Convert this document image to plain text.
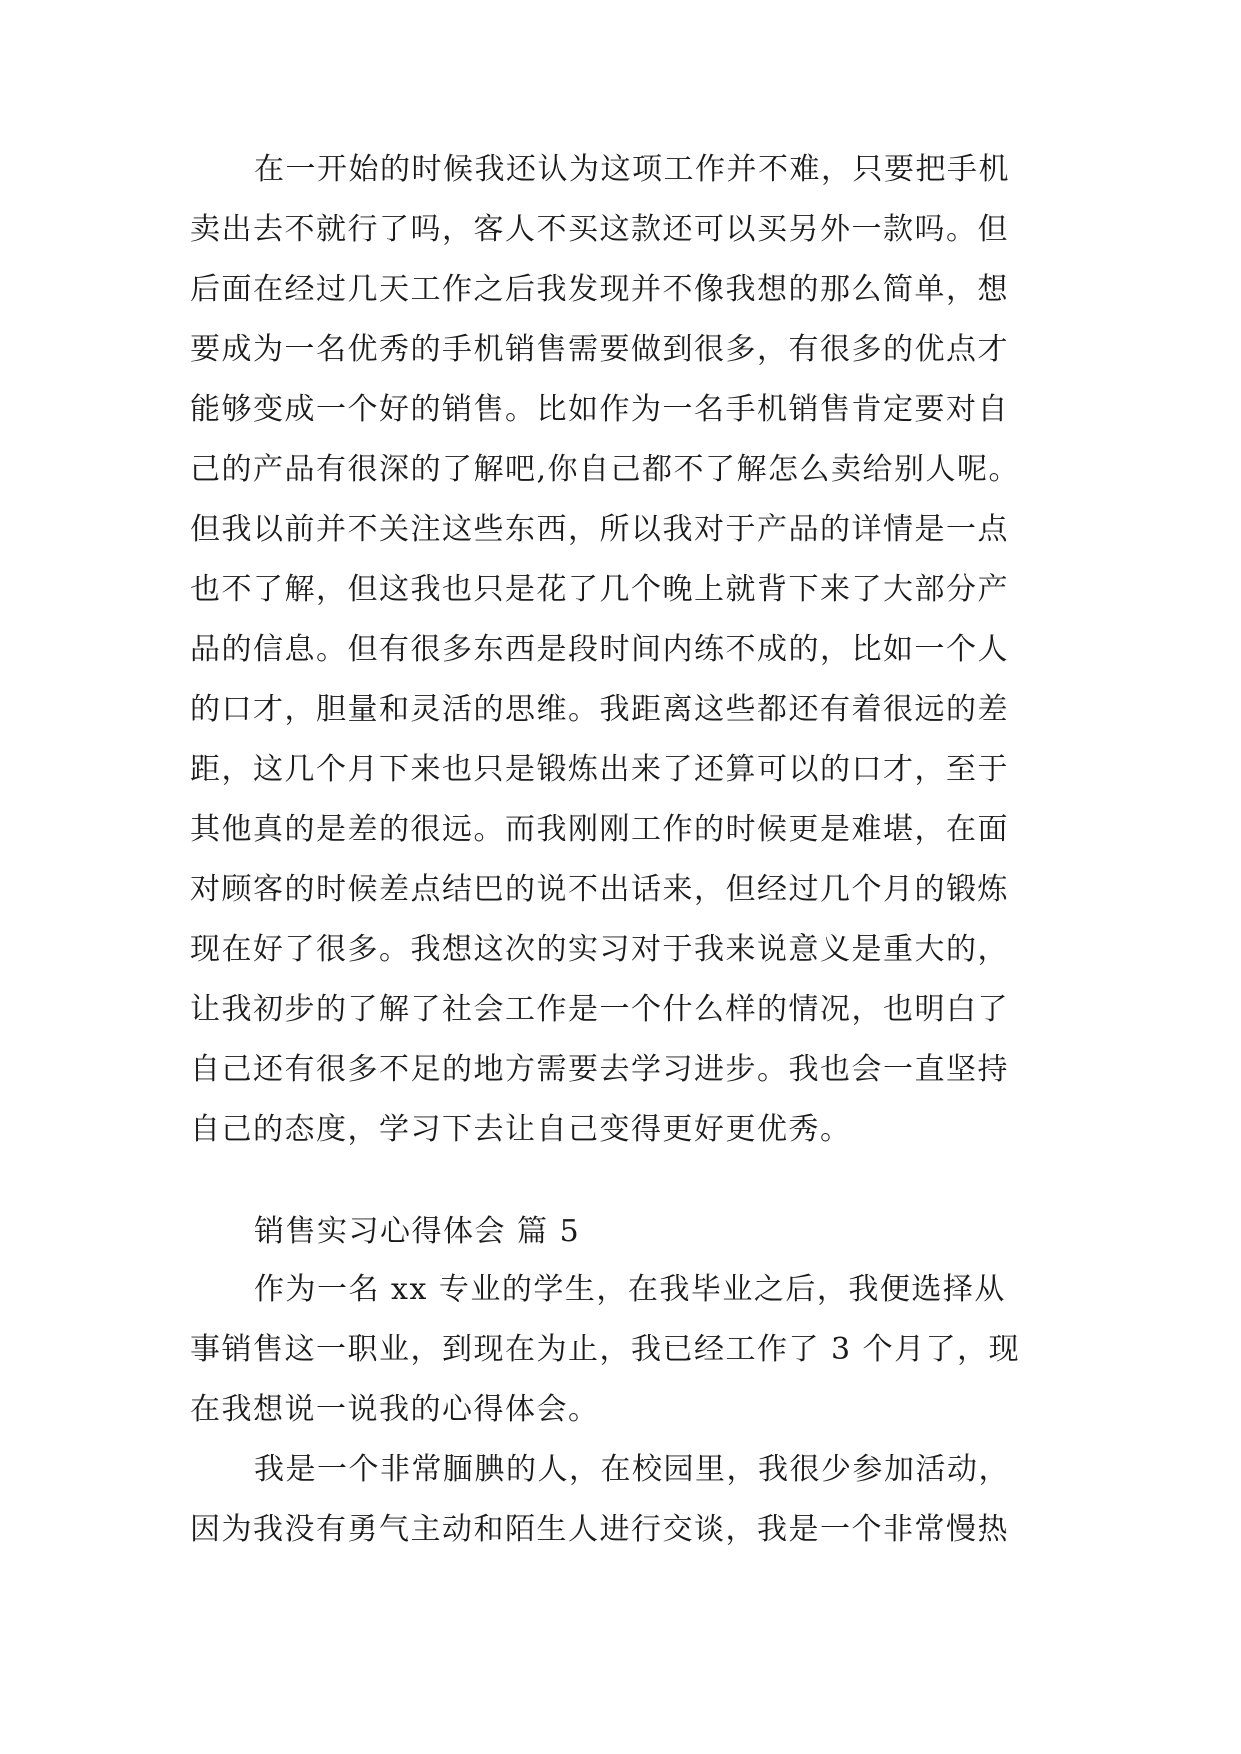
在一开始的时候我还认为这项工作并不难，只要把手机
卖出去不就行了吗，客人不买这款还可以买另外一款吗。但
后面在经过几天工作之后我发现并不像我想的那么简单，想
要成为一名优秀的手机销售需要做到很多，有很多的优点才
能够变成一个好的销售。比如作为一名手机销售肯定要对自
己的产品有很深的了解吧,你自己都不了解怎么卖给别人呢。
但我以前并不关注这些东西，所以我对于产品的详情是一点
也不了解，但这我也只是花了几个晚上就背下来了大部分产
品的信息。但有很多东西是段时间内练不成的，比如一个人
的口才，胆量和灵活的思维。我距离这些都还有着很远的差
距，这几个月下来也只是锻炼出来了还算可以的口才，至于
其他真的是差的很远。而我刚刚工作的时候更是难堪，在面
对顾客的时候差点结巴的说不出话来，但经过几个月的锻炼
现在好了很多。我想这次的实习对于我来说意义是重大的，
让我初步的了解了社会工作是一个什么样的情况，也明白了
自己还有很多不足的地方需要去学习进步。我也会一直坚持
自己的态度，学习下去让自己变得更好更优秀。
销售实习心得体会 篇 5
作为一名 xx 专业的学生，在我毕业之后，我便选择从
事销售这一职业，到现在为止，我已经工作了 3 个月了，现
在我想说一说我的心得体会。
我是一个非常腼腆的人，在校园里，我很少参加活动，
因为我没有勇气主动和陌生人进行交谈，我是一个非常慢热
